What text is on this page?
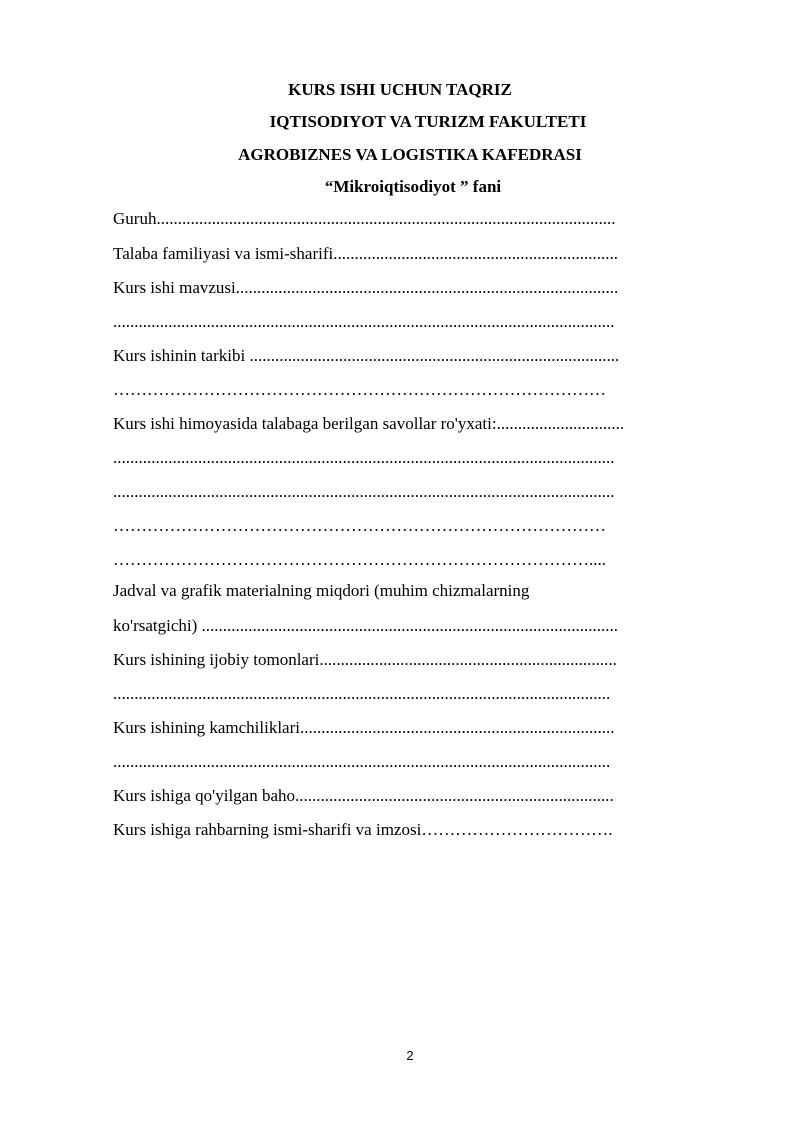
KURS ISHI UCHUN TAQRIZ
IQTISODIYOT VA TURIZM FAKULTETI
AGROBIZNES VA LOGISTIKA KAFEDRASI
“Mikroiqtisodiyot ” fani
Guruh............................................................................................................
Talaba familiyasi va ismi-sharifi...................................................................
Kurs ishi mavzusi..........................................................................................
......................................................................................................................
Kurs ishinin tarkibi .......................................................................................
……………………………………………………………………………
Kurs ishi himoyasida talabaga berilgan savollar ro'yxati:..............................
......................................................................................................................
......................................................................................................................
……………………………………………………………………………
…………………………………………………………………………....
Jadval va grafik materialning miqdori (muhim chizmalarning
ko'rsatgichi) ..................................................................................................
Kurs ishining ijobiy tomonlari......................................................................
.....................................................................................................................
Kurs ishining kamchiliklari..........................................................................
.....................................................................................................................
Kurs ishiga qo'yilgan baho...........................................................................
Kurs ishiga rahbarning ismi-sharifi va imzosi…………………………….
2
